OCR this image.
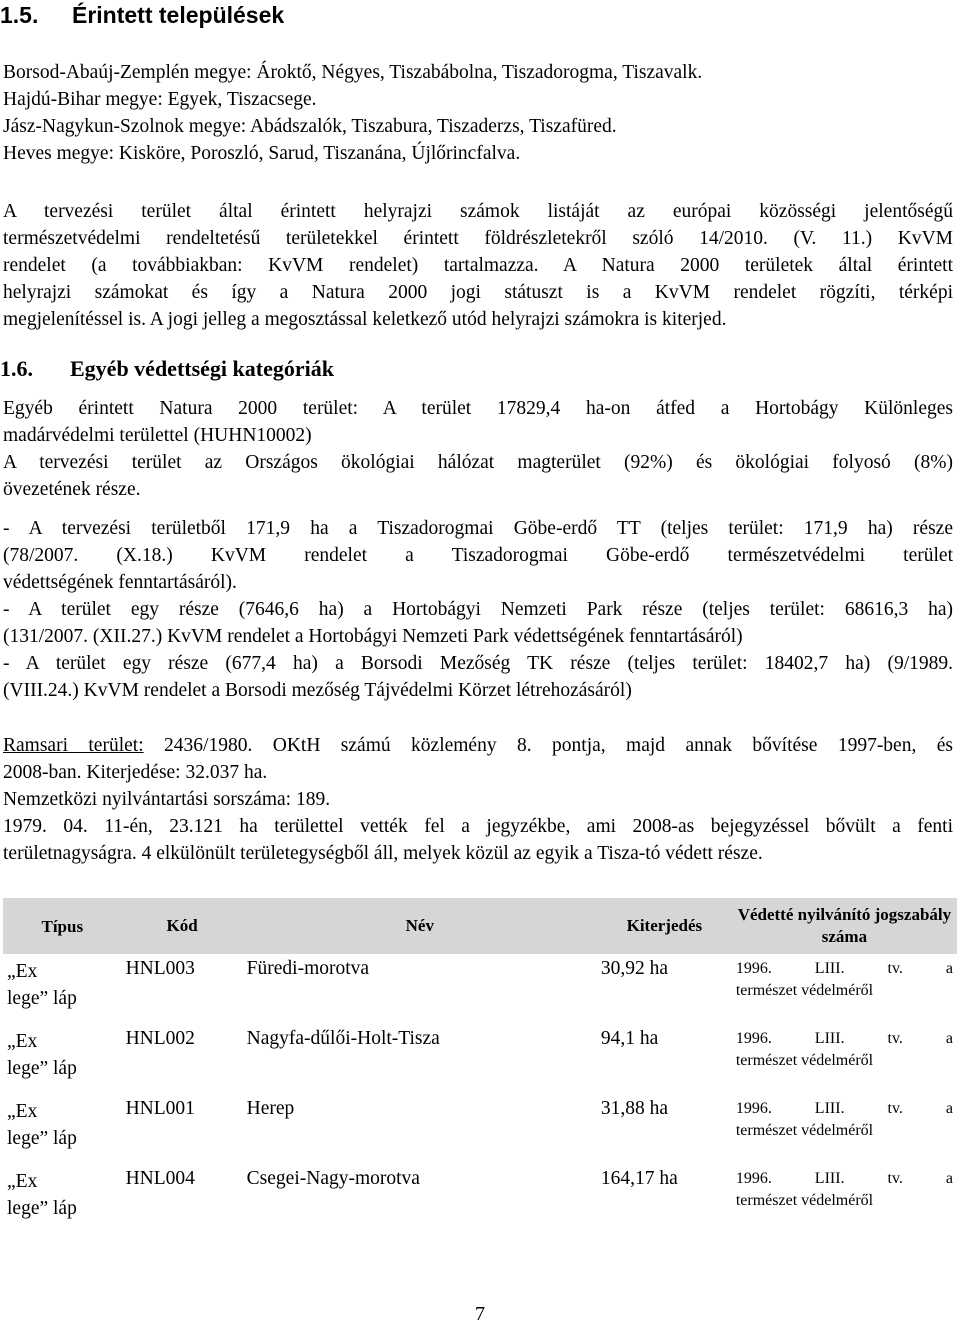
1.5. Érintett települések
Borsod-Abaúj-Zemplén megye: Ároktő, Négyes, Tiszabábolna, Tiszadorogma, Tiszavalk.
Hajdú-Bihar megye: Egyek, Tiszacsege.
Jász-Nagykun-Szolnok megye: Abádszalók, Tiszabura, Tiszaderzs, Tiszafüred.
Heves megye: Kisköre, Poroszló, Sarud, Tiszanána, Újlőrincfalva.
A tervezési terület által érintett helyrajzi számok listáját az európai közösségi jelentőségű
természetvédelmi rendeltetésű területekkel érintett földrészletekről szóló 14/2010. (V. 11.) KvVM
rendelet (a továbbiakban: KvVM rendelet) tartalmazza. A Natura 2000 területek által érintett
helyrajzi számokat és így a Natura 2000 jogi státuszt is a KvVM rendelet rögzíti, térképi
megjelenítéssel is. A jogi jelleg a megosztással keletkező utód helyrajzi számokra is kiterjed.
1.6. Egyéb védettségi kategóriák
Egyéb érintett Natura 2000 terület: A terület 17829,4 ha-on átfed a Hortobágy Különleges
madárvédelmi területtel (HUHN10002)
A tervezési terület az Országos ökológiai hálózat magterület (92%) és ökológiai folyosó (8%)
övezetének része.
- A tervezési területből 171,9 ha a Tiszadorogmai Göbe-erdő TT (teljes terület: 171,9 ha) része
(78/2007. (X.18.) KvVM rendelet a Tiszadorogmai Göbe-erdő természetvédelmi terület
védettségének fenntartásáról).
- A terület egy része (7646,6 ha) a Hortobágyi Nemzeti Park része (teljes terület: 68616,3 ha)
(131/2007. (XII.27.) KvVM rendelet a Hortobágyi Nemzeti Park védettségének fenntartásáról)
- A terület egy része (677,4 ha) a Borsodi Mezőség TK része (teljes terület: 18402,7 ha) (9/1989.
(VIII.24.) KvVM rendelet a Borsodi mezőség Tájvédelmi Körzet létrehozásáról)
Ramsari terület: 2436/1980. OKtH számú közlemény 8. pontja, majd annak bővítése 1997-ben, és
2008-ban. Kiterjedése: 32.037 ha.
Nemzetközi nyilvántartási sorszáma: 189.
1979. 04. 11-én, 23.121 ha területtel vették fel a jegyzékbe, ami 2008-as bejegyzéssel bővült a fenti
területnagyságra. 4 elkülönült területegységből áll, melyek közül az egyik a Tisza-tó védett része.
Típus	Kód	Név	Kiterjedés	Védetté nyilvánító jogszabály száma
„Ex
lege” láp	HNL003	Füredi-morotva	30,92 ha	1996. LIII. tv. a
természet védelméről

„Ex
lege” láp	HNL002	Nagyfa-dűlői-Holt-Tisza	94,1 ha	1996. LIII. tv. a
természet védelméről

„Ex
lege” láp	HNL001	Herep	31,88 ha	1996. LIII. tv. a
természet védelméről

„Ex
lege” láp	HNL004	Csegei-Nagy-morotva	164,17 ha	1996. LIII. tv. a
természet védelméről
7
